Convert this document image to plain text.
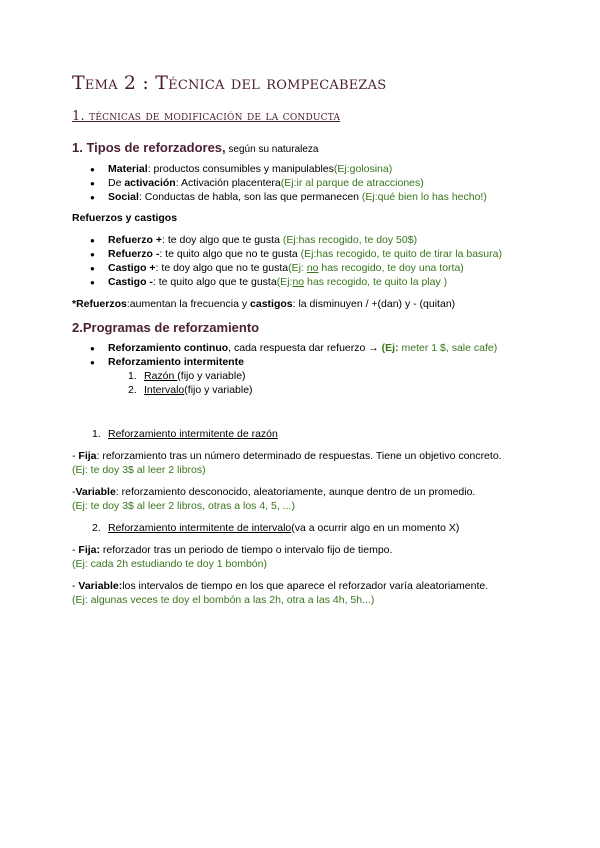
Tema 2 : Técnica del rompecabezas
1. técnicas de modificación de la conducta
1. Tipos de reforzadores, según su naturaleza
● Material: productos consumibles y manipulables(Ej:golosina)
● De activación: Activación placentera(Ej:ir al parque de atracciones)
● Social: Conductas de habla, son las que permanecen (Ej:qué bien lo has hecho!)
Refuerzos y castigos
● Refuerzo +: te doy algo que te gusta (Ej:has recogido, te doy 50$)
● Refuerzo -: te quito algo que no te gusta (Ej:has recogido, te quito de tirar la basura)
● Castigo +: te doy algo que no te gusta(Ej: no has recogido, te doy una torta)
● Castigo -: te quito algo que te gusta(Ej:no has recogido, te quito la play )
*Refuerzos:aumentan la frecuencia y castigos: la disminuyen / +(dan) y - (quitan)
2.Programas de reforzamiento
● Reforzamiento continuo, cada respuesta dar refuerzo → (Ej: meter 1 $, sale cafe)
● Reforzamiento intermitente
1. Razón (fijo y variable)
2. Intervalo(fijo y variable)
1. Reforzamiento intermitente de razón
- Fija: reforzamiento tras un número determinado de respuestas. Tiene un objetivo concreto.
(Ej: te doy 3$ al leer 2 libros)
-Variable: reforzamiento desconocido, aleatoriamente, aunque dentro de un promedio.
(Ej: te doy 3$ al leer 2 libros, otras a los 4, 5, ...)
2. Reforzamiento intermitente de intervalo(va a ocurrir algo en un momento X)
- Fija: reforzador tras un periodo de tiempo o intervalo fijo de tiempo.
(Ej: cada 2h estudiando te doy 1 bombón)
- Variable:los intervalos de tiempo en los que aparece el reforzador varía aleatoriamente.
(Ej: algunas veces te doy el bombón a las 2h, otra a las 4h, 5h...)
